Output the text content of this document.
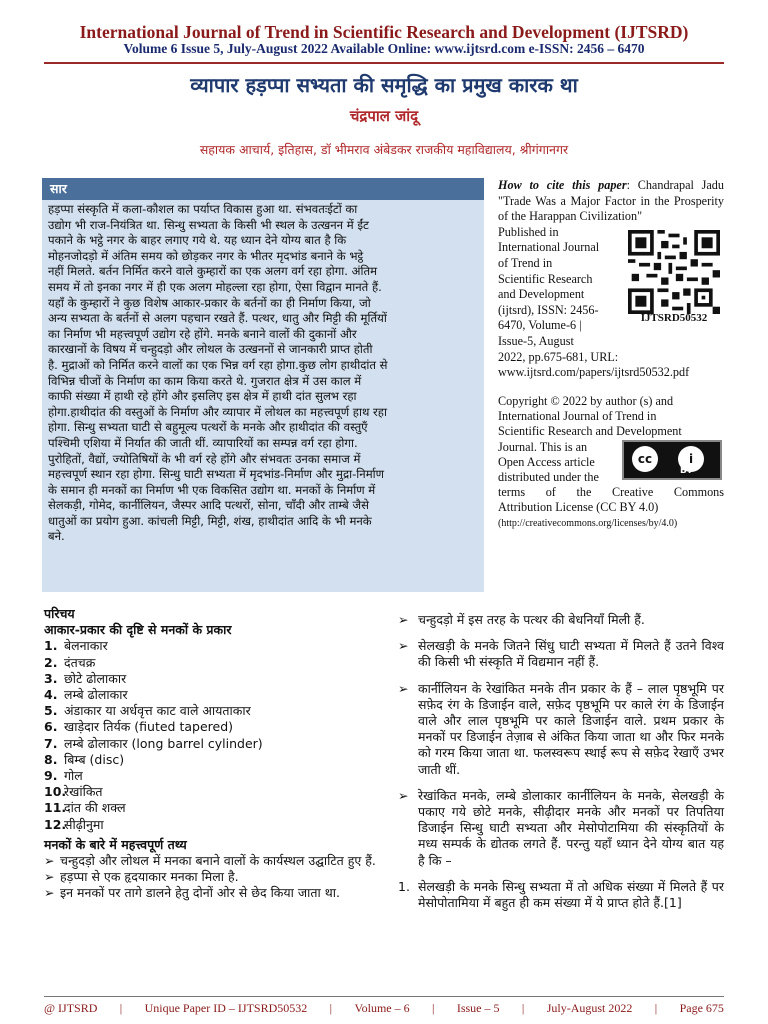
International Journal of Trend in Scientific Research and Development (IJTSRD)
Volume 6 Issue 5, July-August 2022 Available Online: www.ijtsrd.com e-ISSN: 2456 – 6470
व्यापार हड़प्पा सभ्यता की समृद्धि का प्रमुख कारक था
चंद्रपाल जांदू
सहायक आचार्य, इतिहास, डॉ भीमराव अंबेडकर राजकीय महाविद्यालय, श्रीगंगानगर
सार
हड़प्पा संस्कृति में कला-कौशल का पर्याप्त विकास हुआ था. संभवतःईटों का
उद्योग भी राज-नियंत्रित था. सिन्धु सभ्यता के किसी भी स्थल के उत्खनन में ईंट
पकाने के भट्ठे नगर के बाहर लगाए गये थे. यह ध्यान देने योग्य बात है कि
मोहनजोदड़ो में अंतिम समय को छोड़कर नगर के भीतर मृदभांड बनाने के भट्ठे
नहीं मिलते. बर्तन निर्मित करने वाले कुम्हारों का एक अलग वर्ग रहा होगा. अंतिम
समय में तो इनका नगर में ही एक अलग मोहल्ला रहा होगा, ऐसा विद्वान मानते हैं.
यहाँ के कुम्हारों ने कुछ विशेष आकार-प्रकार के बर्तनों का ही निर्माण किया, जो
अन्य सभ्यता के बर्तनों से अलग पहचान रखते हैं. पत्थर, धातु और मिट्टी की मूर्तियों
का निर्माण भी महत्त्वपूर्ण उद्योग रहे होंगे. मनके बनाने वालों की दुकानों और
कारखानों के विषय में चन्हुदड़ो और लोथल के उत्खननों से जानकारी प्राप्त होती
है. मुद्राओं को निर्मित करने वालों का एक भिन्न वर्ग रहा होगा.कुछ लोग हाथीदांत से
विभिन्न चीजों के निर्माण का काम किया करते थे. गुजरात क्षेत्र में उस काल में
काफी संख्या में हाथी रहे होंगे और इसलिए इस क्षेत्र में हाथी दांत सुलभ रहा
होगा.हाथीदांत की वस्तुओं के निर्माण और व्यापार में लोथल का महत्त्वपूर्ण हाथ रहा
होगा. सिन्धु सभ्यता घाटी से बहुमूल्य पत्थरों के मनके और हाथीदांत की वस्तुएँ
पश्चिमी एशिया में निर्यात की जाती थीं. व्यापारियों का सम्पन्न वर्ग रहा होगा.
पुरोहितों, वैद्यों, ज्योतिषियों के भी वर्ग रहे होंगे और संभवतः उनका समाज में
महत्त्वपूर्ण स्थान रहा होगा. सिन्धु घाटी सभ्यता में मृदभांड-निर्माण और मुद्रा-निर्माण
के समान ही मनकों का निर्माण भी एक विकसित उद्योग था. मनकों के निर्माण में
सेलकड़ी, गोमेद, कार्नीलियन, जैस्पर आदि पत्थरों, सोना, चाँदी और ताम्बे जैसे
धातुओं का प्रयोग हुआ. कांचली मिट्टी, मिट्टी, शंख, हाथीदांत आदि के भी मनके
बने.
How to cite this paper: Chandrapal Jadu "Trade Was a Major Factor in the Prosperity of the Harappan Civilization"
Published in
International Journal
of Trend in
Scientific Research
and Development
(ijtsrd), ISSN: 2456-
6470, Volume-6 |
Issue-5, August
2022, pp.675-681, URL:
www.ijtsrd.com/papers/ijtsrd50532.pdf
IJTSRD50532
Copyright © 2022 by author (s) and
International Journal of Trend in
Scientific Research and Development
Journal. This is an
Open Access article
distributed under the
terms of the Creative Commons
Attribution License (CC BY 4.0)
(http://creativecommons.org/licenses/by/4.0)
cc	i
BY
परिचय
आकार-प्रकार की दृष्टि से मनकों के प्रकार
1. बेलनाकार
2. दंतचक्र
3. छोटे ढोलाकार
4. लम्बे ढोलाकार
5. अंडाकार या अर्धवृत्त काट वाले आयताकार
6. खाड़ेदार तिर्यक (fiuted tapered)
7. लम्बे ढोलाकार (long barrel cylinder)
8. बिम्ब (disc)
9. गोल
10.
रेखांकित
11.
दांत की शक्ल
12.
सीढ़ीनुमा
मनकों के बारे में महत्त्वपूर्ण तथ्य
➢ चन्हुदड़ो और लोथल में मनका बनाने वालों के कार्यस्थल उद्घाटित हुए हैं.
➢ हड़प्पा से एक हृदयाकार मनका मिला है.
➢ इन मनकों पर तागे डालने हेतु दोनों ओर से छेद किया जाता था.
➢ चन्हुदड़ो में इस तरह के पत्थर की बेधनियाँ मिली हैं.
➢ सेलखड़ी के मनके जितने सिंधु घाटी सभ्यता में मिलते हैं उतने विश्व की किसी भी संस्कृति में विद्यमान नहीं हैं.
➢ कार्नीलियन के रेखांकित मनके तीन प्रकार के हैं – लाल पृष्ठभूमि पर सफ़ेद रंग के डिजाईन वाले, सफ़ेद पृष्ठभूमि पर काले रंग के डिजाईन वाले और लाल पृष्ठभूमि पर काले डिजाईन वाले. प्रथम प्रकार के मनकों पर डिजाईन तेज़ाब से अंकित किया जाता था और फिर मनके को गरम किया जाता था. फलस्वरूप स्थाई रूप से सफ़ेद रेखाएँ उभर जाती थीं.
➢ रेखांकित मनके, लम्बे डोलाकार कार्नीलियन के मनके, सेलखड़ी के पकाए गये छोटे मनके, सीढ़ीदार मनके और मनकों पर तिपतिया डिजाईन सिन्धु घाटी सभ्यता और मेसोपोटामिया की संस्कृतियों के मध्य सम्पर्क के द्योतक लगते हैं. परन्तु यहाँ ध्यान देने योग्य बात यह है कि –
1. सेलखड़ी के मनके सिन्धु सभ्यता में तो अधिक संख्या में मिलते हैं पर मेसोपोतामिया में बहुत ही कम संख्या में ये प्राप्त होते हैं.[1]
@ IJTSRD | Unique Paper ID – IJTSRD50532 | Volume – 6 | Issue – 5 | July-August 2022 | Page 675
